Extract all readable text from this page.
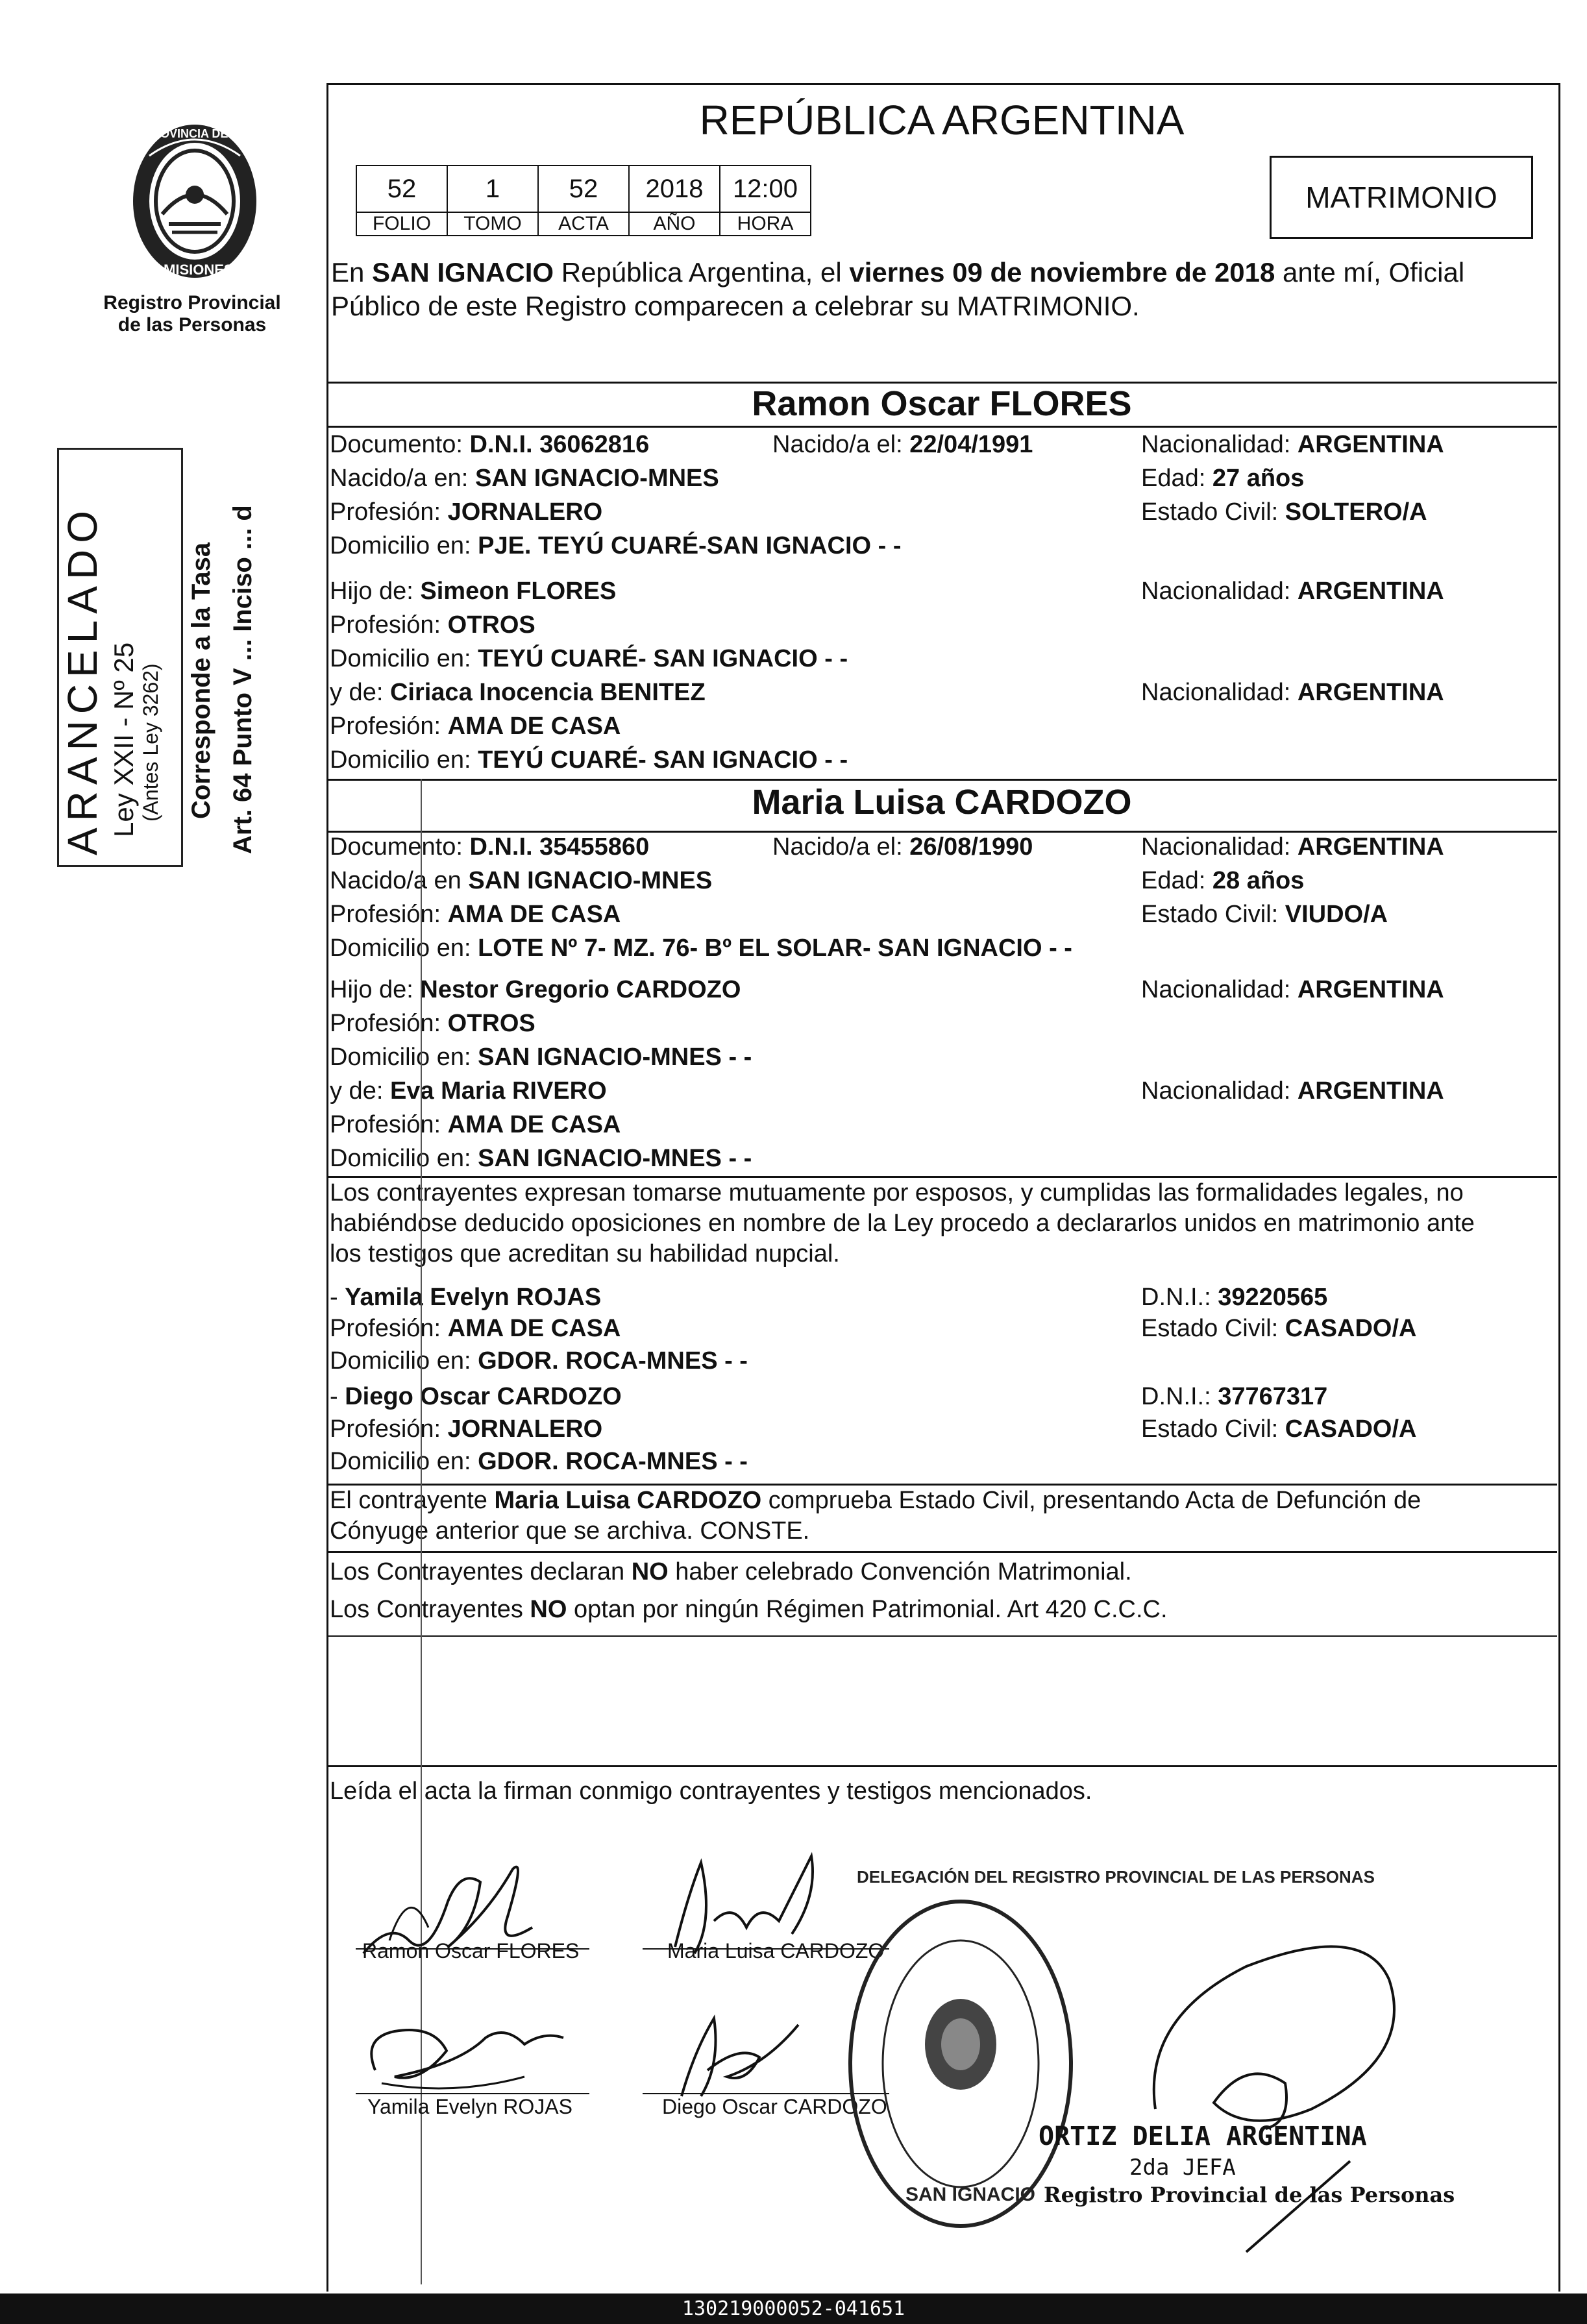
PROVINCIA DE
MISIONES
Registro Provincial
de las Personas
ARANCELADO Ley XXII - Nº 25 (Antes Ley 3262) Corresponde a la Tasa Art. 64 Punto V ... Inciso ... d
REPÚBLICA ARGENTINA
52	1	52	2018	12:00
FOLIO	TOMO	ACTA	AÑO	HORA
MATRIMONIO
En SAN IGNACIO República Argentina, el viernes 09 de noviembre de 2018 ante mí, Oficial
Público de este Registro comparecen a celebrar su MATRIMONIO.
Ramon Oscar FLORES
Documento: D.N.I. 36062816	Nacido/a el: 22/04/1991	Nacionalidad: ARGENTINA
Nacido/a en: SAN IGNACIO-MNES	Edad: 27 años
Profesión: JORNALERO	Estado Civil: SOLTERO/A
Domicilio en: PJE. TEYÚ CUARÉ-SAN IGNACIO - -
Hijo de: Simeon FLORES	Nacionalidad: ARGENTINA
Profesión: OTROS
Domicilio en: TEYÚ CUARÉ- SAN IGNACIO - -
y de: Ciriaca Inocencia BENITEZ	Nacionalidad: ARGENTINA
Profesión: AMA DE CASA
Domicilio en: TEYÚ CUARÉ- SAN IGNACIO - -
Maria Luisa CARDOZO
Documento: D.N.I. 35455860	Nacido/a el: 26/08/1990	Nacionalidad: ARGENTINA
Nacido/a en SAN IGNACIO-MNES	Edad: 28 años
Profesión: AMA DE CASA	Estado Civil: VIUDO/A
Domicilio en: LOTE Nº 7- MZ. 76- Bº EL SOLAR- SAN IGNACIO - -
Hijo de: Nestor Gregorio CARDOZO	Nacionalidad: ARGENTINA
Profesión: OTROS
Domicilio en: SAN IGNACIO-MNES - -
y de: Eva Maria RIVERO	Nacionalidad: ARGENTINA
Profesión: AMA DE CASA
Domicilio en: SAN IGNACIO-MNES - -
Los contrayentes expresan tomarse mutuamente por esposos, y cumplidas las formalidades legales, no
habiéndose deducido oposiciones en nombre de la Ley procedo a declararlos unidos en matrimonio ante
los testigos que acreditan su habilidad nupcial.
- Yamila Evelyn ROJAS	D.N.I.: 39220565
Profesión: AMA DE CASA	Estado Civil: CASADO/A
Domicilio en: GDOR. ROCA-MNES - -
- Diego Oscar CARDOZO	D.N.I.: 37767317
Profesión: JORNALERO	Estado Civil: CASADO/A
Domicilio en: GDOR. ROCA-MNES - -
El contrayente Maria Luisa CARDOZO comprueba Estado Civil, presentando Acta de Defunción de
Cónyuge anterior que se archiva. CONSTE.
Los Contrayentes declaran NO haber celebrado Convención Matrimonial.
Los Contrayentes NO optan por ningún Régimen Patrimonial. Art 420 C.C.C.
Leída el acta la firman conmigo contrayentes y testigos mencionados.
Ramon Oscar FLORES	Maria Luisa CARDOZO
Yamila Evelyn ROJAS	Diego Oscar CARDOZO
DELEGACIÓN DEL REGISTRO PROVINCIAL DE LAS PERSONAS
SAN IGNACIO
ORTIZ DELIA ARGENTINA
2da JEFA
Registro Provincial de las Personas
130219000052-041651
